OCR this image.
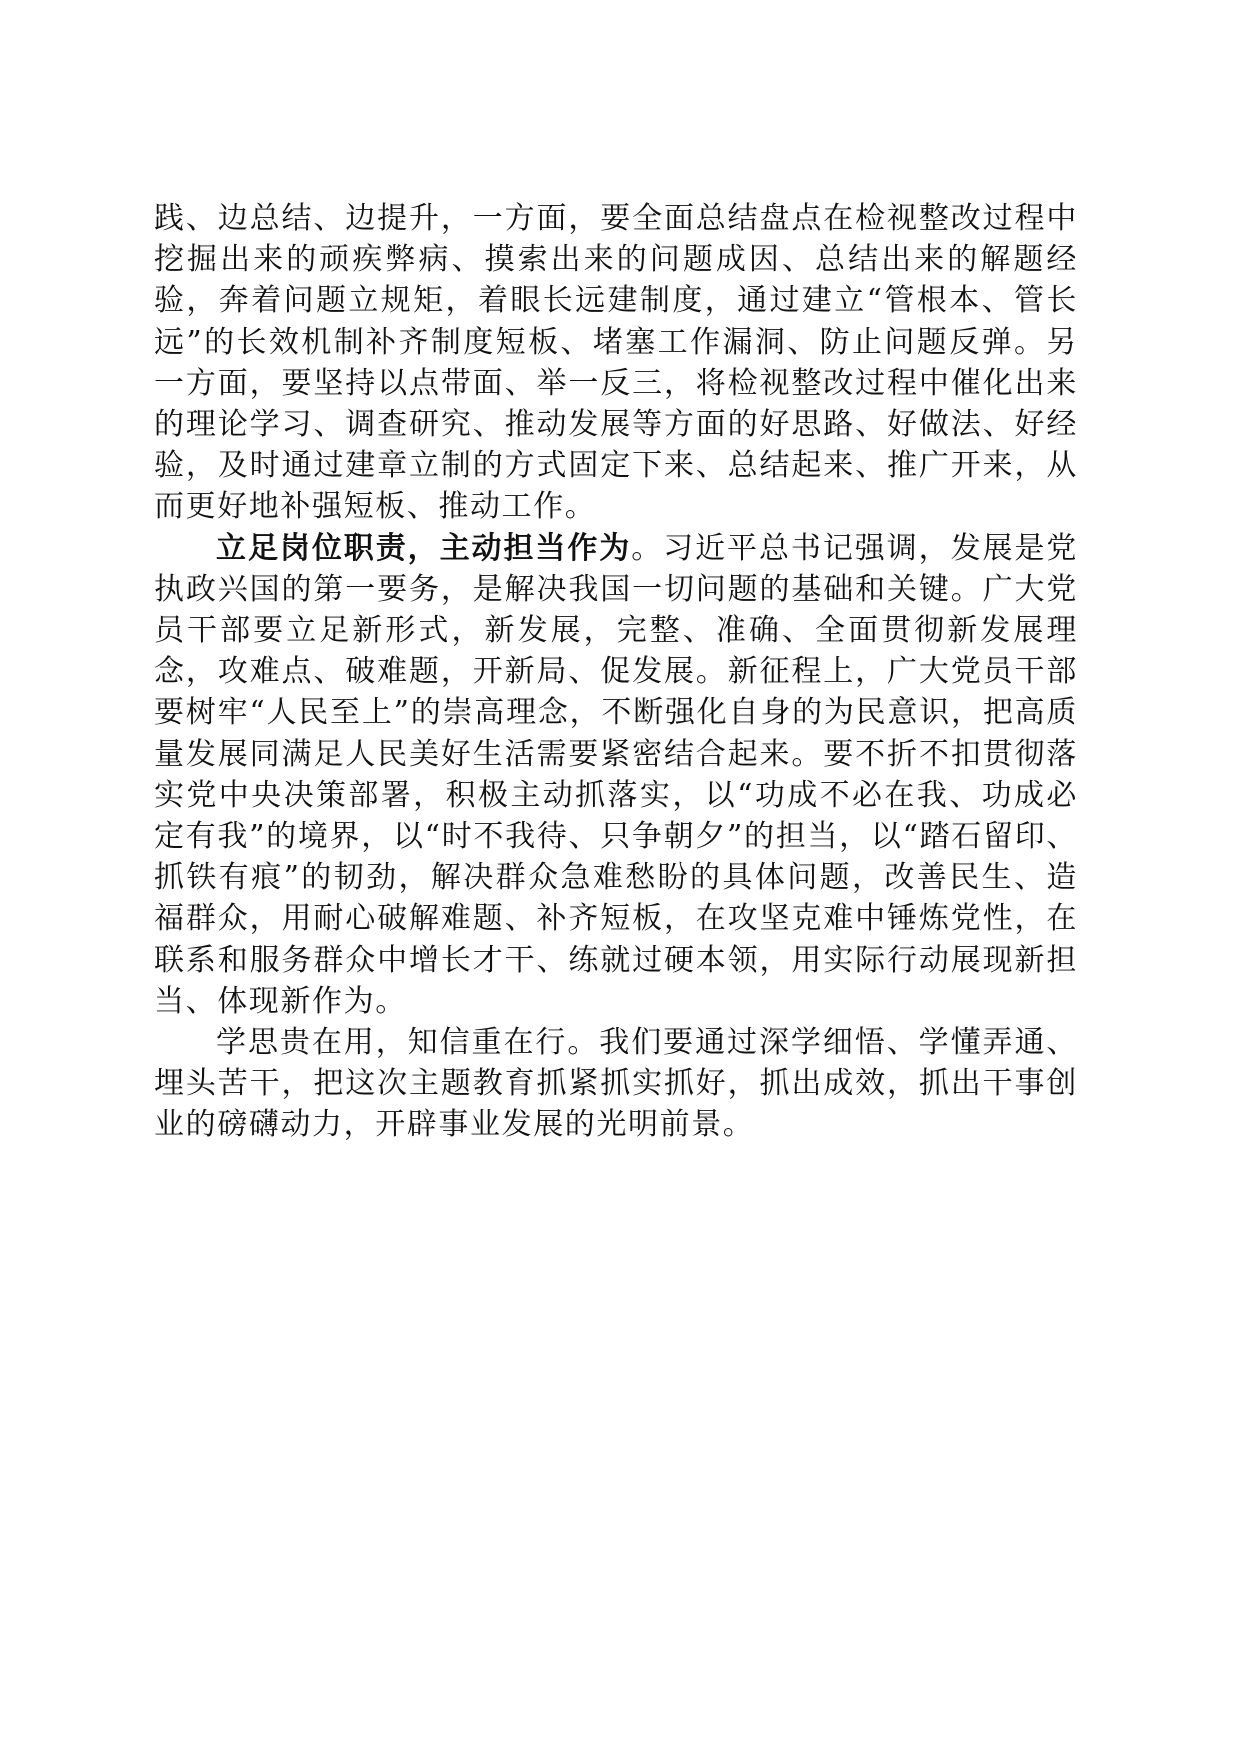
践、边总结、边提升，一方面，要全面总结盘点在检视整改过程中挖掘出来的顽疾弊病、摸索出来的问题成因、总结出来的解题经验，奔着问题立规矩，着眼长远建制度，通过建立“管根本、管长远”的长效机制补齐制度短板、堵塞工作漏洞、防止问题反弹。另一方面，要坚持以点带面、举一反三，将检视整改过程中催化出来的理论学习、调查研究、推动发展等方面的好思路、好做法、好经验，及时通过建章立制的方式固定下来、总结起来、推广开来，从而更好地补强短板、推动工作。

立足岗位职责，主动担当作为。习近平总书记强调，发展是党执政兴国的第一要务，是解决我国一切问题的基础和关键。广大党员干部要立足新形式，新发展，完整、准确、全面贯彻新发展理念，攻难点、破难题，开新局、促发展。新征程上，广大党员干部要树牢“人民至上”的崇高理念，不断强化自身的为民意识，把高质量发展同满足人民美好生活需要紧密结合起来。要不折不扣贯彻落实党中央决策部署，积极主动抓落实，以“功成不必在我、功成必定有我”的境界，以“时不我待、只争朝夕”的担当，以“踏石留印、抓铁有痕”的韧劲，解决群众急难愁盼的具体问题，改善民生、造福群众，用耐心破解难题、补齐短板，在攻坚克难中锤炼党性，在联系和服务群众中增长才干、练就过硬本领，用实际行动展现新担当、体现新作为。

学思贵在用，知信重在行。我们要通过深学细悟、学懂弄通、埋头苦干，把这次主题教育抓紧抓实抓好，抓出成效，抓出干事创业的磅礴动力，开辟事业发展的光明前景。
